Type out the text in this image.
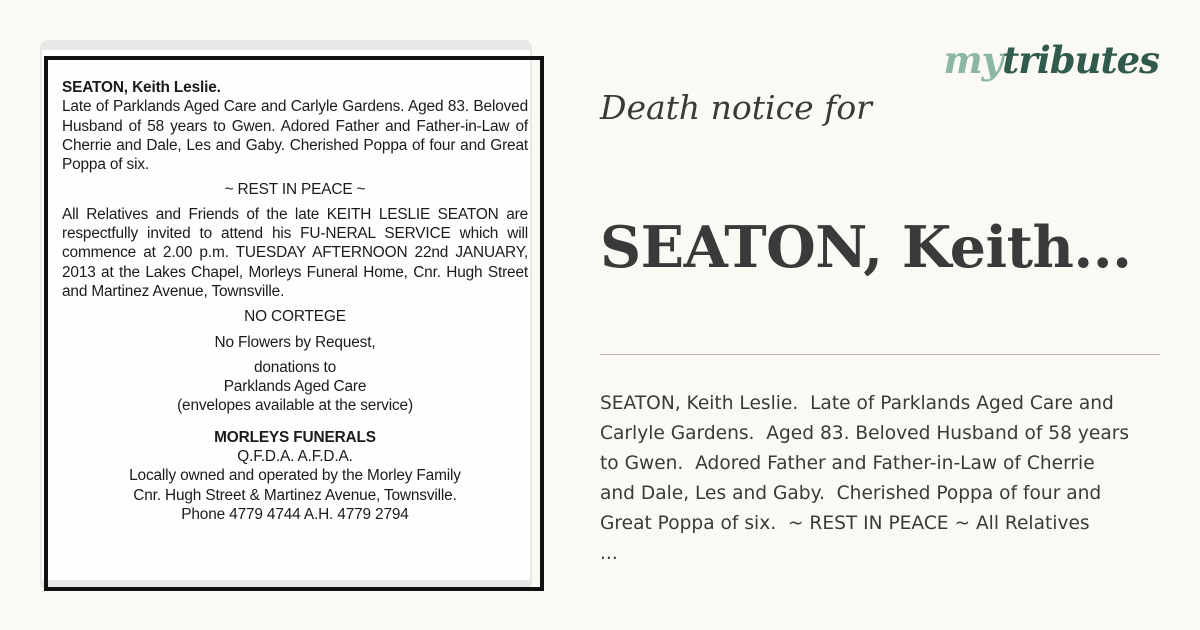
SEATON, Keith Leslie.
Late of Parklands Aged Care and Carlyle Gardens. Aged 83. Beloved Husband of 58 years to Gwen. Adored Father and Father-in-Law of Cherrie and Dale, Les and Gaby. Cherished Poppa of four and Great Poppa of six.
~ REST IN PEACE ~
All Relatives and Friends of the late KEITH LESLIE SEATON are respectfully invited to attend his FU-NERAL SERVICE which will commence at 2.00 p.m. TUESDAY AFTERNOON 22nd JANUARY, 2013 at the Lakes Chapel, Morleys Funeral Home, Cnr. Hugh Street and Martinez Avenue, Townsville.
NO CORTEGE
No Flowers by Request,
donations to
Parklands Aged Care
(envelopes available at the service)
MORLEYS FUNERALS
Q.F.D.A. A.F.D.A.
Locally owned and operated by the Morley Family
Cnr. Hugh Street & Martinez Avenue, Townsville.
Phone 4779 4744 A.H. 4779 2794
mytributes
Death notice for
SEATON, Keith...
SEATON, Keith Leslie.  Late of Parklands Aged Care and
Carlyle Gardens.  Aged 83. Beloved Husband of 58 years
to Gwen.  Adored Father and Father-in-Law of Cherrie
and Dale, Les and Gaby.  Cherished Poppa of four and
Great Poppa of six.  ~ REST IN PEACE ~ All Relatives
...
